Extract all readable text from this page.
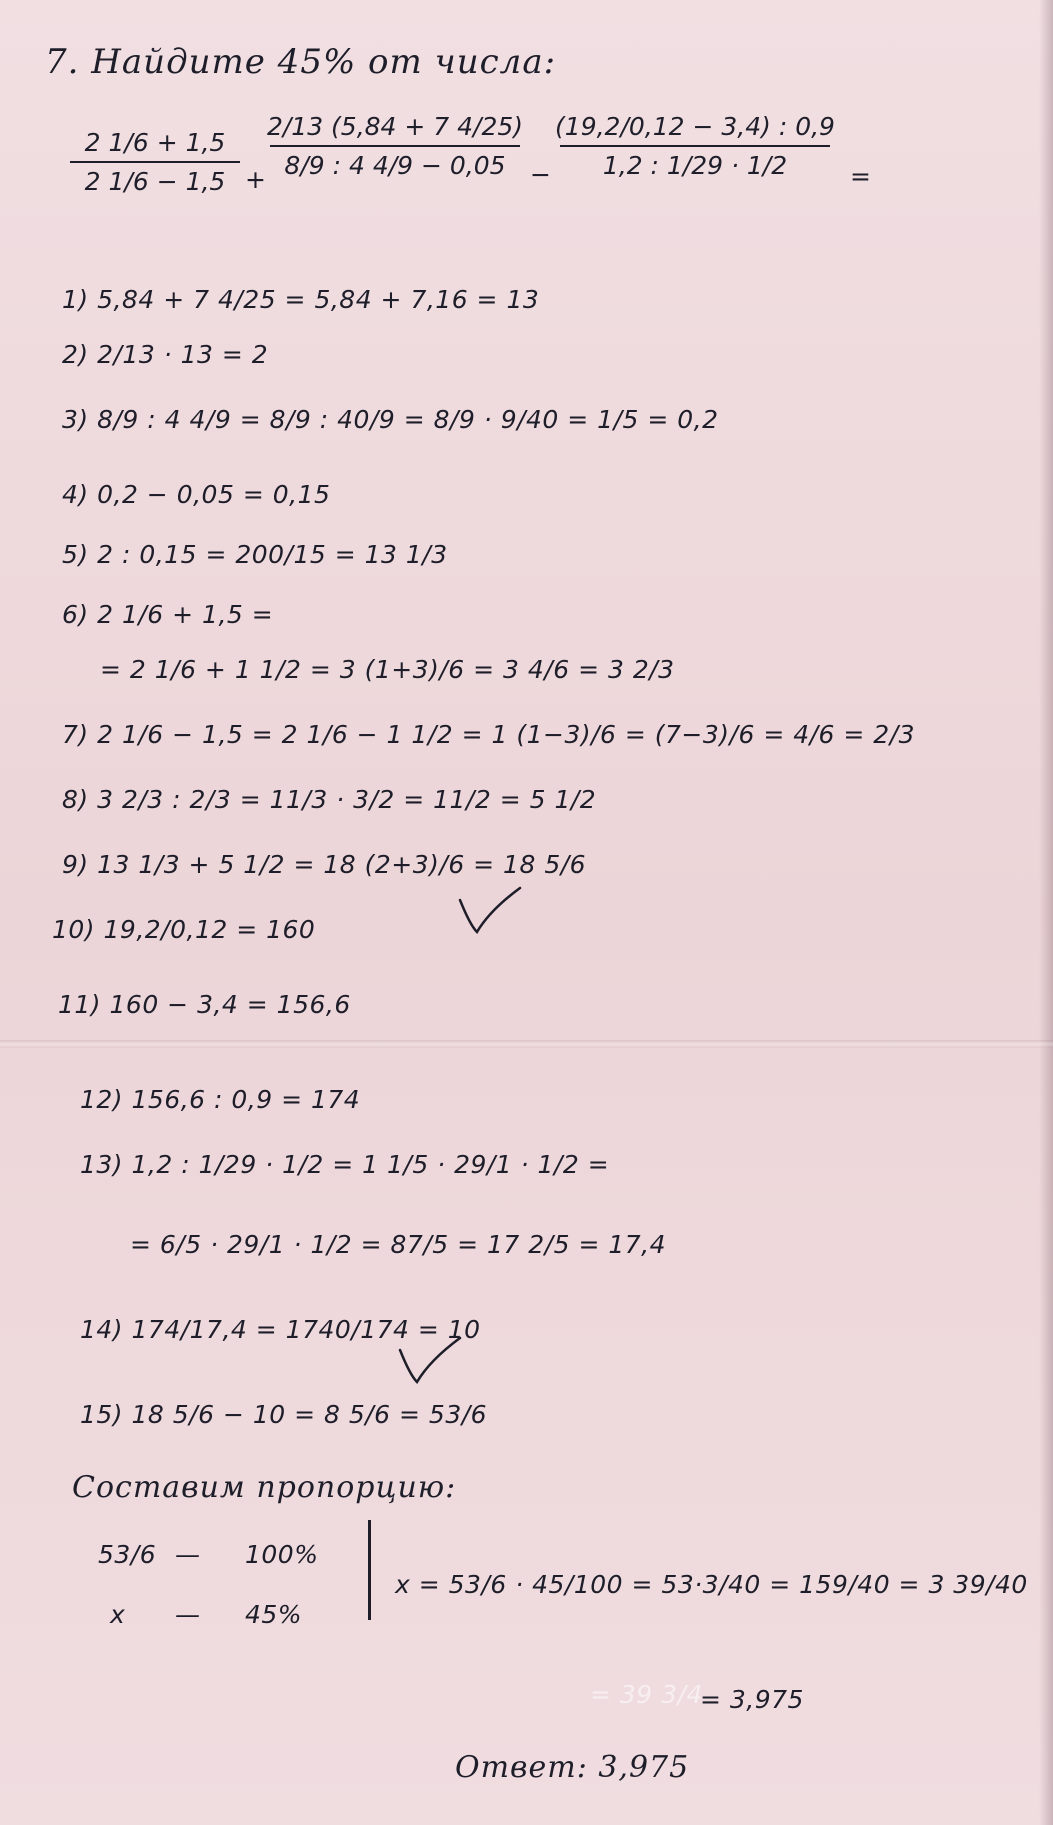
7. Найдите 45% от числа:
2 1/6 + 1,5
2 1/6 − 1,5 +
2/13 (5,84 + 7 4/25)
8/9 : 4 4/9 − 0,05 −
(19,2/0,12 − 3,4) : 0,9
1,2 : 1/29 · 1/2	=
1) 5,84 + 7 4/25 = 5,84 + 7,16 = 13
2) 2/13 · 13 = 2
3) 8/9 : 4 4/9 = 8/9 : 40/9 = 8/9 · 9/40 = 1/5 = 0,2
4) 0,2 − 0,05 = 0,15
5) 2 : 0,15 = 200/15 = 13 1/3
6) 2 1/6 + 1,5 =
= 2 1/6 + 1 1/2 = 3 (1+3)/6 = 3 4/6 = 3 2/3
7) 2 1/6 − 1,5 = 2 1/6 − 1 1/2 = 1 (1−3)/6 = (7−3)/6 = 4/6 = 2/3
8) 3 2/3 : 2/3 = 11/3 · 3/2 = 11/2 = 5 1/2
9) 13 1/3 + 5 1/2 = 18 (2+3)/6 = 18 5/6
10) 19,2/0,12 = 160
11) 160 − 3,4 = 156,6
12) 156,6 : 0,9 = 174
13) 1,2 : 1/29 · 1/2 = 1 1/5 · 29/1 · 1/2 =
= 6/5 · 29/1 · 1/2 = 87/5 = 17 2/5 = 17,4
14) 174/17,4 = 1740/174 = 10
15) 18 5/6 − 10 = 8 5/6 = 53/6
Составим пропорцию:
53/6 — 100%
x — 45%
x = 53/6 · 45/100 = 53·3/40 = 159/40 = 3 39/40
= 39 3/4
= 3,975
Ответ: 3,975
